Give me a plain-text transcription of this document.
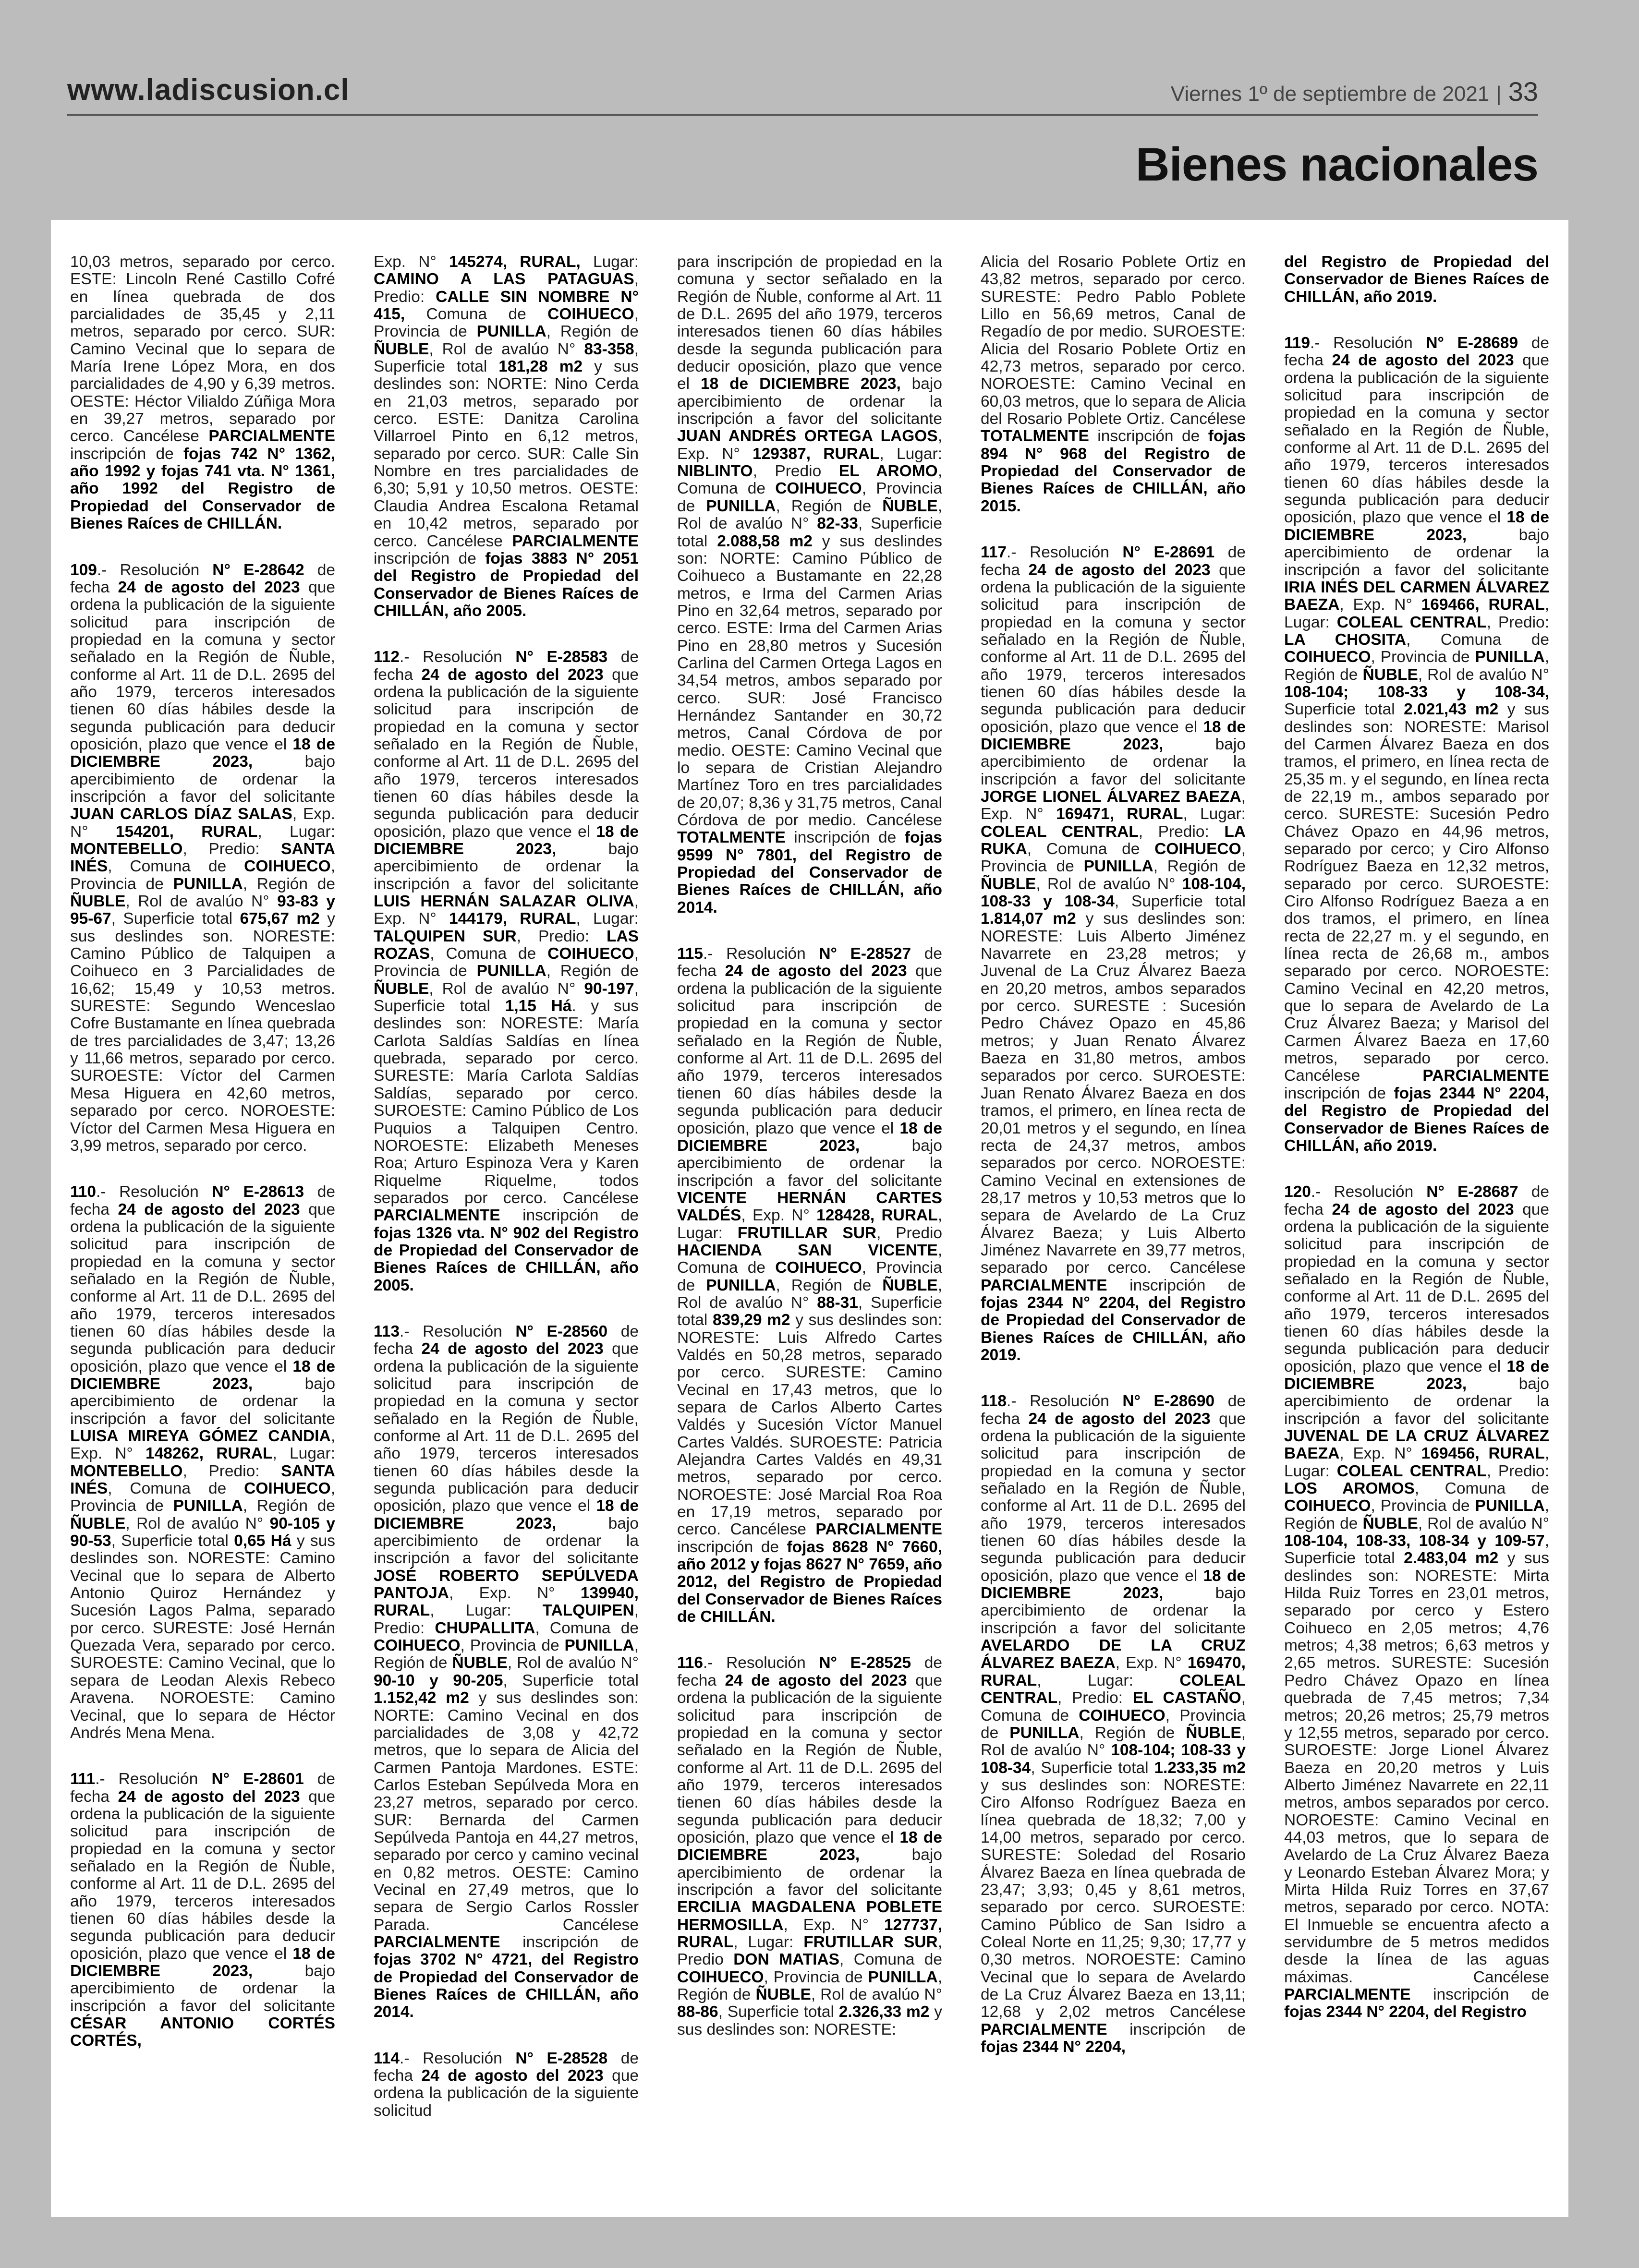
www.ladiscusion.cl	Viernes 1º de septiembre de 2021 | 33
Bienes nacionales

10,03 metros, separado por cerco. ESTE: Lincoln René Castillo Cofré en línea quebrada de dos parcialidades de 35,45 y 2,11 metros, separado por cerco. SUR: Camino Vecinal que lo separa de María Irene López Mora, en dos parcialidades de 4,90 y 6,39 metros. OESTE: Héctor Vilialdo Zúñiga Mora en 39,27 metros, separado por cerco. Cancélese PARCIALMENTE inscripción de fojas 742 N° 1362, año 1992 y fojas 741 vta. N° 1361, año 1992 del Registro de Propiedad del Conservador de Bienes Raíces de CHILLÁN.

109.- Resolución N° E-28642 de fecha 24 de agosto del 2023 que ordena la publicación de la siguiente solicitud para inscripción de propiedad en la comuna y sector señalado en la Región de Ñuble, conforme al Art. 11 de D.L. 2695 del año 1979, terceros interesados tienen 60 días hábiles desde la segunda publicación para deducir oposición, plazo que vence el 18 de DICIEMBRE 2023, bajo apercibimiento de ordenar la inscripción a favor del solicitante JUAN CARLOS DÍAZ SALAS, Exp. N° 154201, RURAL, Lugar: MONTEBELLO, Predio: SANTA INÉS, Comuna de COIHUECO, Provincia de PUNILLA, Región de ÑUBLE, Rol de avalúo N° 93-83 y 95-67, Superficie total 675,67 m2 y sus deslindes son. NORESTE: Camino Público de Talquipen a Coihueco en 3 Parcialidades de 16,62; 15,49 y 10,53 metros. SURESTE: Segundo Wenceslao Cofre Bustamante en línea quebrada de tres parcialidades de 3,47; 13,26 y 11,66 metros, separado por cerco. SUROESTE: Víctor del Carmen Mesa Higuera en 42,60 metros, separado por cerco. NOROESTE: Víctor del Carmen Mesa Higuera en 3,99 metros, separado por cerco.

110.- Resolución N° E-28613 de fecha 24 de agosto del 2023 que ordena la publicación de la siguiente solicitud para inscripción de propiedad en la comuna y sector señalado en la Región de Ñuble, conforme al Art. 11 de D.L. 2695 del año 1979, terceros interesados tienen 60 días hábiles desde la segunda publicación para deducir oposición, plazo que vence el 18 de DICIEMBRE 2023, bajo apercibimiento de ordenar la inscripción a favor del solicitante LUISA MIREYA GÓMEZ CANDIA, Exp. N° 148262, RURAL, Lugar: MONTEBELLO, Predio: SANTA INÉS, Comuna de COIHUECO, Provincia de PUNILLA, Región de ÑUBLE, Rol de avalúo N° 90-105 y 90-53, Superficie total 0,65 Há y sus deslindes son. NORESTE: Camino Vecinal que lo separa de Alberto Antonio Quiroz Hernández y Sucesión Lagos Palma, separado por cerco. SURESTE: José Hernán Quezada Vera, separado por cerco. SUROESTE: Camino Vecinal, que lo separa de Leodan Alexis Rebeco Aravena. NOROESTE: Camino Vecinal, que lo separa de Héctor Andrés Mena Mena.

111.- Resolución N° E-28601 de fecha 24 de agosto del 2023 que ordena la publicación de la siguiente solicitud para inscripción de propiedad en la comuna y sector señalado en la Región de Ñuble, conforme al Art. 11 de D.L. 2695 del año 1979, terceros interesados tienen 60 días hábiles desde la segunda publicación para deducir oposición, plazo que vence el 18 de DICIEMBRE 2023, bajo apercibimiento de ordenar la inscripción a favor del solicitante CÉSAR ANTONIO CORTÉS CORTÉS,

Exp. N° 145274, RURAL, Lugar: CAMINO A LAS PATAGUAS, Predio: CALLE SIN NOMBRE N° 415, Comuna de COIHUECO, Provincia de PUNILLA, Región de ÑUBLE, Rol de avalúo N° 83-358, Superficie total 181,28 m2 y sus deslindes son: NORTE: Nino Cerda en 21,03 metros, separado por cerco. ESTE: Danitza Carolina Villarroel Pinto en 6,12 metros, separado por cerco. SUR: Calle Sin Nombre en tres parcialidades de 6,30; 5,91 y 10,50 metros. OESTE: Claudia Andrea Escalona Retamal en 10,42 metros, separado por cerco. Cancélese PARCIALMENTE inscripción de fojas 3883 N° 2051 del Registro de Propiedad del Conservador de Bienes Raíces de CHILLÁN, año 2005.

112.- Resolución N° E-28583 de fecha 24 de agosto del 2023 que ordena la publicación de la siguiente solicitud para inscripción de propiedad en la comuna y sector señalado en la Región de Ñuble, conforme al Art. 11 de D.L. 2695 del año 1979, terceros interesados tienen 60 días hábiles desde la segunda publicación para deducir oposición, plazo que vence el 18 de DICIEMBRE 2023, bajo apercibimiento de ordenar la inscripción a favor del solicitante LUIS HERNÁN SALAZAR OLIVA, Exp. N° 144179, RURAL, Lugar: TALQUIPEN SUR, Predio: LAS ROZAS, Comuna de COIHUECO, Provincia de PUNILLA, Región de ÑUBLE, Rol de avalúo N° 90-197, Superficie total 1,15 Há. y sus deslindes son: NORESTE: María Carlota Saldías Saldías en línea quebrada, separado por cerco. SURESTE: María Carlota Saldías Saldías, separado por cerco. SUROESTE: Camino Público de Los Puquios a Talquipen Centro. NOROESTE: Elizabeth Meneses Roa; Arturo Espinoza Vera y Karen Riquelme Riquelme, todos separados por cerco. Cancélese PARCIALMENTE inscripción de fojas 1326 vta. N° 902 del Registro de Propiedad del Conservador de Bienes Raíces de CHILLÁN, año 2005.

113.- Resolución N° E-28560 de fecha 24 de agosto del 2023 que ordena la publicación de la siguiente solicitud para inscripción de propiedad en la comuna y sector señalado en la Región de Ñuble, conforme al Art. 11 de D.L. 2695 del año 1979, terceros interesados tienen 60 días hábiles desde la segunda publicación para deducir oposición, plazo que vence el 18 de DICIEMBRE 2023, bajo apercibimiento de ordenar la inscripción a favor del solicitante JOSÉ ROBERTO SEPÚLVEDA PANTOJA, Exp. N° 139940, RURAL, Lugar: TALQUIPEN, Predio: CHUPALLITA, Comuna de COIHUECO, Provincia de PUNILLA, Región de ÑUBLE, Rol de avalúo N° 90-10 y 90-205, Superficie total 1.152,42 m2 y sus deslindes son: NORTE: Camino Vecinal en dos parcialidades de 3,08 y 42,72 metros, que lo separa de Alicia del Carmen Pantoja Mardones. ESTE: Carlos Esteban Sepúlveda Mora en 23,27 metros, separado por cerco. SUR: Bernarda del Carmen Sepúlveda Pantoja en 44,27 metros, separado por cerco y camino vecinal en 0,82 metros. OESTE: Camino Vecinal en 27,49 metros, que lo separa de Sergio Carlos Rossler Parada. Cancélese PARCIALMENTE inscripción de fojas 3702 N° 4721, del Registro de Propiedad del Conservador de Bienes Raíces de CHILLÁN, año 2014.

114.- Resolución N° E-28528 de fecha 24 de agosto del 2023 que ordena la publicación de la siguiente solicitud

para inscripción de propiedad en la comuna y sector señalado en la Región de Ñuble, conforme al Art. 11 de D.L. 2695 del año 1979, terceros interesados tienen 60 días hábiles desde la segunda publicación para deducir oposición, plazo que vence el 18 de DICIEMBRE 2023, bajo apercibimiento de ordenar la inscripción a favor del solicitante JUAN ANDRÉS ORTEGA LAGOS, Exp. N° 129387, RURAL, Lugar: NIBLINTO, Predio EL AROMO, Comuna de COIHUECO, Provincia de PUNILLA, Región de ÑUBLE, Rol de avalúo N° 82-33, Superficie total 2.088,58 m2 y sus deslindes son: NORTE: Camino Público de Coihueco a Bustamante en 22,28 metros, e Irma del Carmen Arias Pino en 32,64 metros, separado por cerco. ESTE: Irma del Carmen Arias Pino en 28,80 metros y Sucesión Carlina del Carmen Ortega Lagos en 34,54 metros, ambos separado por cerco. SUR: José Francisco Hernández Santander en 30,72 metros, Canal Córdova de por medio. OESTE: Camino Vecinal que lo separa de Cristian Alejandro Martínez Toro en tres parcialidades de 20,07; 8,36 y 31,75 metros, Canal Córdova de por medio. Cancélese TOTALMENTE inscripción de fojas 9599 N° 7801, del Registro de Propiedad del Conservador de Bienes Raíces de CHILLÁN, año 2014.

115.- Resolución N° E-28527 de fecha 24 de agosto del 2023 que ordena la publicación de la siguiente solicitud para inscripción de propiedad en la comuna y sector señalado en la Región de Ñuble, conforme al Art. 11 de D.L. 2695 del año 1979, terceros interesados tienen 60 días hábiles desde la segunda publicación para deducir oposición, plazo que vence el 18 de DICIEMBRE 2023, bajo apercibimiento de ordenar la inscripción a favor del solicitante VICENTE HERNÁN CARTES VALDÉS, Exp. N° 128428, RURAL, Lugar: FRUTILLAR SUR, Predio HACIENDA SAN VICENTE, Comuna de COIHUECO, Provincia de PUNILLA, Región de ÑUBLE, Rol de avalúo N° 88-31, Superficie total 839,29 m2 y sus deslindes son: NORESTE: Luis Alfredo Cartes Valdés en 50,28 metros, separado por cerco. SURESTE: Camino Vecinal en 17,43 metros, que lo separa de Carlos Alberto Cartes Valdés y Sucesión Víctor Manuel Cartes Valdés. SUROESTE: Patricia Alejandra Cartes Valdés en 49,31 metros, separado por cerco. NOROESTE: José Marcial Roa Roa en 17,19 metros, separado por cerco. Cancélese PARCIALMENTE inscripción de fojas 8628 N° 7660, año 2012 y fojas 8627 N° 7659, año 2012, del Registro de Propiedad del Conservador de Bienes Raíces de CHILLÁN.

116.- Resolución N° E-28525 de fecha 24 de agosto del 2023 que ordena la publicación de la siguiente solicitud para inscripción de propiedad en la comuna y sector señalado en la Región de Ñuble, conforme al Art. 11 de D.L. 2695 del año 1979, terceros interesados tienen 60 días hábiles desde la segunda publicación para deducir oposición, plazo que vence el 18 de DICIEMBRE 2023, bajo apercibimiento de ordenar la inscripción a favor del solicitante ERCILIA MAGDALENA POBLETE HERMOSILLA, Exp. N° 127737, RURAL, Lugar: FRUTILLAR SUR, Predio DON MATIAS, Comuna de COIHUECO, Provincia de PUNILLA, Región de ÑUBLE, Rol de avalúo N° 88-86, Superficie total 2.326,33 m2 y sus deslindes son: NORESTE:

Alicia del Rosario Poblete Ortiz en 43,82 metros, separado por cerco. SURESTE: Pedro Pablo Poblete Lillo en 56,69 metros, Canal de Regadío de por medio. SUROESTE: Alicia del Rosario Poblete Ortiz en 42,73 metros, separado por cerco. NOROESTE: Camino Vecinal en 60,03 metros, que lo separa de Alicia del Rosario Poblete Ortiz. Cancélese TOTALMENTE inscripción de fojas 894 N° 968 del Registro de Propiedad del Conservador de Bienes Raíces de CHILLÁN, año 2015.

117.- Resolución N° E-28691 de fecha 24 de agosto del 2023 que ordena la publicación de la siguiente solicitud para inscripción de propiedad en la comuna y sector señalado en la Región de Ñuble, conforme al Art. 11 de D.L. 2695 del año 1979, terceros interesados tienen 60 días hábiles desde la segunda publicación para deducir oposición, plazo que vence el 18 de DICIEMBRE 2023, bajo apercibimiento de ordenar la inscripción a favor del solicitante JORGE LIONEL ÁLVAREZ BAEZA, Exp. N° 169471, RURAL, Lugar: COLEAL CENTRAL, Predio: LA RUKA, Comuna de COIHUECO, Provincia de PUNILLA, Región de ÑUBLE, Rol de avalúo N° 108-104, 108-33 y 108-34, Superficie total 1.814,07 m2 y sus deslindes son: NORESTE: Luis Alberto Jiménez Navarrete en 23,28 metros; y Juvenal de La Cruz Álvarez Baeza en 20,20 metros, ambos separados por cerco. SURESTE : Sucesión Pedro Chávez Opazo en 45,86 metros; y Juan Renato Álvarez Baeza en 31,80 metros, ambos separados por cerco. SUROESTE: Juan Renato Álvarez Baeza en dos tramos, el primero, en línea recta de 20,01 metros y el segundo, en línea recta de 24,37 metros, ambos separados por cerco. NOROESTE: Camino Vecinal en extensiones de 28,17 metros y 10,53 metros que lo separa de Avelardo de La Cruz Álvarez Baeza; y Luis Alberto Jiménez Navarrete en 39,77 metros, separado por cerco. Cancélese PARCIALMENTE inscripción de fojas 2344 N° 2204, del Registro de Propiedad del Conservador de Bienes Raíces de CHILLÁN, año 2019.

118.- Resolución N° E-28690 de fecha 24 de agosto del 2023 que ordena la publicación de la siguiente solicitud para inscripción de propiedad en la comuna y sector señalado en la Región de Ñuble, conforme al Art. 11 de D.L. 2695 del año 1979, terceros interesados tienen 60 días hábiles desde la segunda publicación para deducir oposición, plazo que vence el 18 de DICIEMBRE 2023, bajo apercibimiento de ordenar la inscripción a favor del solicitante AVELARDO DE LA CRUZ ÁLVAREZ BAEZA, Exp. N° 169470, RURAL, Lugar: COLEAL CENTRAL, Predio: EL CASTAÑO, Comuna de COIHUECO, Provincia de PUNILLA, Región de ÑUBLE, Rol de avalúo N° 108-104; 108-33 y 108-34, Superficie total 1.233,35 m2 y sus deslindes son: NORESTE: Ciro Alfonso Rodríguez Baeza en línea quebrada de 18,32; 7,00 y 14,00 metros, separado por cerco. SURESTE: Soledad del Rosario Álvarez Baeza en línea quebrada de 23,47; 3,93; 0,45 y 8,61 metros, separado por cerco. SUROESTE: Camino Público de San Isidro a Coleal Norte en 11,25; 9,30; 17,77 y 0,30 metros. NOROESTE: Camino Vecinal que lo separa de Avelardo de La Cruz Álvarez Baeza en 13,11; 12,68 y 2,02 metros Cancélese PARCIALMENTE inscripción de fojas 2344 N° 2204,

del Registro de Propiedad del Conservador de Bienes Raíces de CHILLÁN, año 2019.

119.- Resolución N° E-28689 de fecha 24 de agosto del 2023 que ordena la publicación de la siguiente solicitud para inscripción de propiedad en la comuna y sector señalado en la Región de Ñuble, conforme al Art. 11 de D.L. 2695 del año 1979, terceros interesados tienen 60 días hábiles desde la segunda publicación para deducir oposición, plazo que vence el 18 de DICIEMBRE 2023, bajo apercibimiento de ordenar la inscripción a favor del solicitante IRIA INÉS DEL CARMEN ÁLVAREZ BAEZA, Exp. N° 169466, RURAL, Lugar: COLEAL CENTRAL, Predio: LA CHOSITA, Comuna de COIHUECO, Provincia de PUNILLA, Región de ÑUBLE, Rol de avalúo N° 108-104; 108-33 y 108-34, Superficie total 2.021,43 m2 y sus deslindes son: NORESTE: Marisol del Carmen Álvarez Baeza en dos tramos, el primero, en línea recta de 25,35 m. y el segundo, en línea recta de 22,19 m., ambos separado por cerco. SURESTE: Sucesión Pedro Chávez Opazo en 44,96 metros, separado por cerco; y Ciro Alfonso Rodríguez Baeza en 12,32 metros, separado por cerco. SUROESTE: Ciro Alfonso Rodríguez Baeza a en dos tramos, el primero, en línea recta de 22,27 m. y el segundo, en línea recta de 26,68 m., ambos separado por cerco. NOROESTE: Camino Vecinal en 42,20 metros, que lo separa de Avelardo de La Cruz Álvarez Baeza; y Marisol del Carmen Álvarez Baeza en 17,60 metros, separado por cerco. Cancélese PARCIALMENTE inscripción de fojas 2344 N° 2204, del Registro de Propiedad del Conservador de Bienes Raíces de CHILLÁN, año 2019.

120.- Resolución N° E-28687 de fecha 24 de agosto del 2023 que ordena la publicación de la siguiente solicitud para inscripción de propiedad en la comuna y sector señalado en la Región de Ñuble, conforme al Art. 11 de D.L. 2695 del año 1979, terceros interesados tienen 60 días hábiles desde la segunda publicación para deducir oposición, plazo que vence el 18 de DICIEMBRE 2023, bajo apercibimiento de ordenar la inscripción a favor del solicitante JUVENAL DE LA CRUZ ÁLVAREZ BAEZA, Exp. N° 169456, RURAL, Lugar: COLEAL CENTRAL, Predio: LOS AROMOS, Comuna de COIHUECO, Provincia de PUNILLA, Región de ÑUBLE, Rol de avalúo N° 108-104, 108-33, 108-34 y 109-57, Superficie total 2.483,04 m2 y sus deslindes son: NORESTE: Mirta Hilda Ruiz Torres en 23,01 metros, separado por cerco y Estero Coihueco en 2,05 metros; 4,76 metros; 4,38 metros; 6,63 metros y 2,65 metros. SURESTE: Sucesión Pedro Chávez Opazo en línea quebrada de 7,45 metros; 7,34 metros; 20,26 metros; 25,79 metros y 12,55 metros, separado por cerco. SUROESTE: Jorge Lionel Álvarez Baeza en 20,20 metros y Luis Alberto Jiménez Navarrete en 22,11 metros, ambos separados por cerco. NOROESTE: Camino Vecinal en 44,03 metros, que lo separa de Avelardo de La Cruz Álvarez Baeza y Leonardo Esteban Álvarez Mora; y Mirta Hilda Ruiz Torres en 37,67 metros, separado por cerco. NOTA: El Inmueble se encuentra afecto a servidumbre de 5 metros medidos desde la línea de las aguas máximas. Cancélese PARCIALMENTE inscripción de fojas 2344 N° 2204, del Registro
